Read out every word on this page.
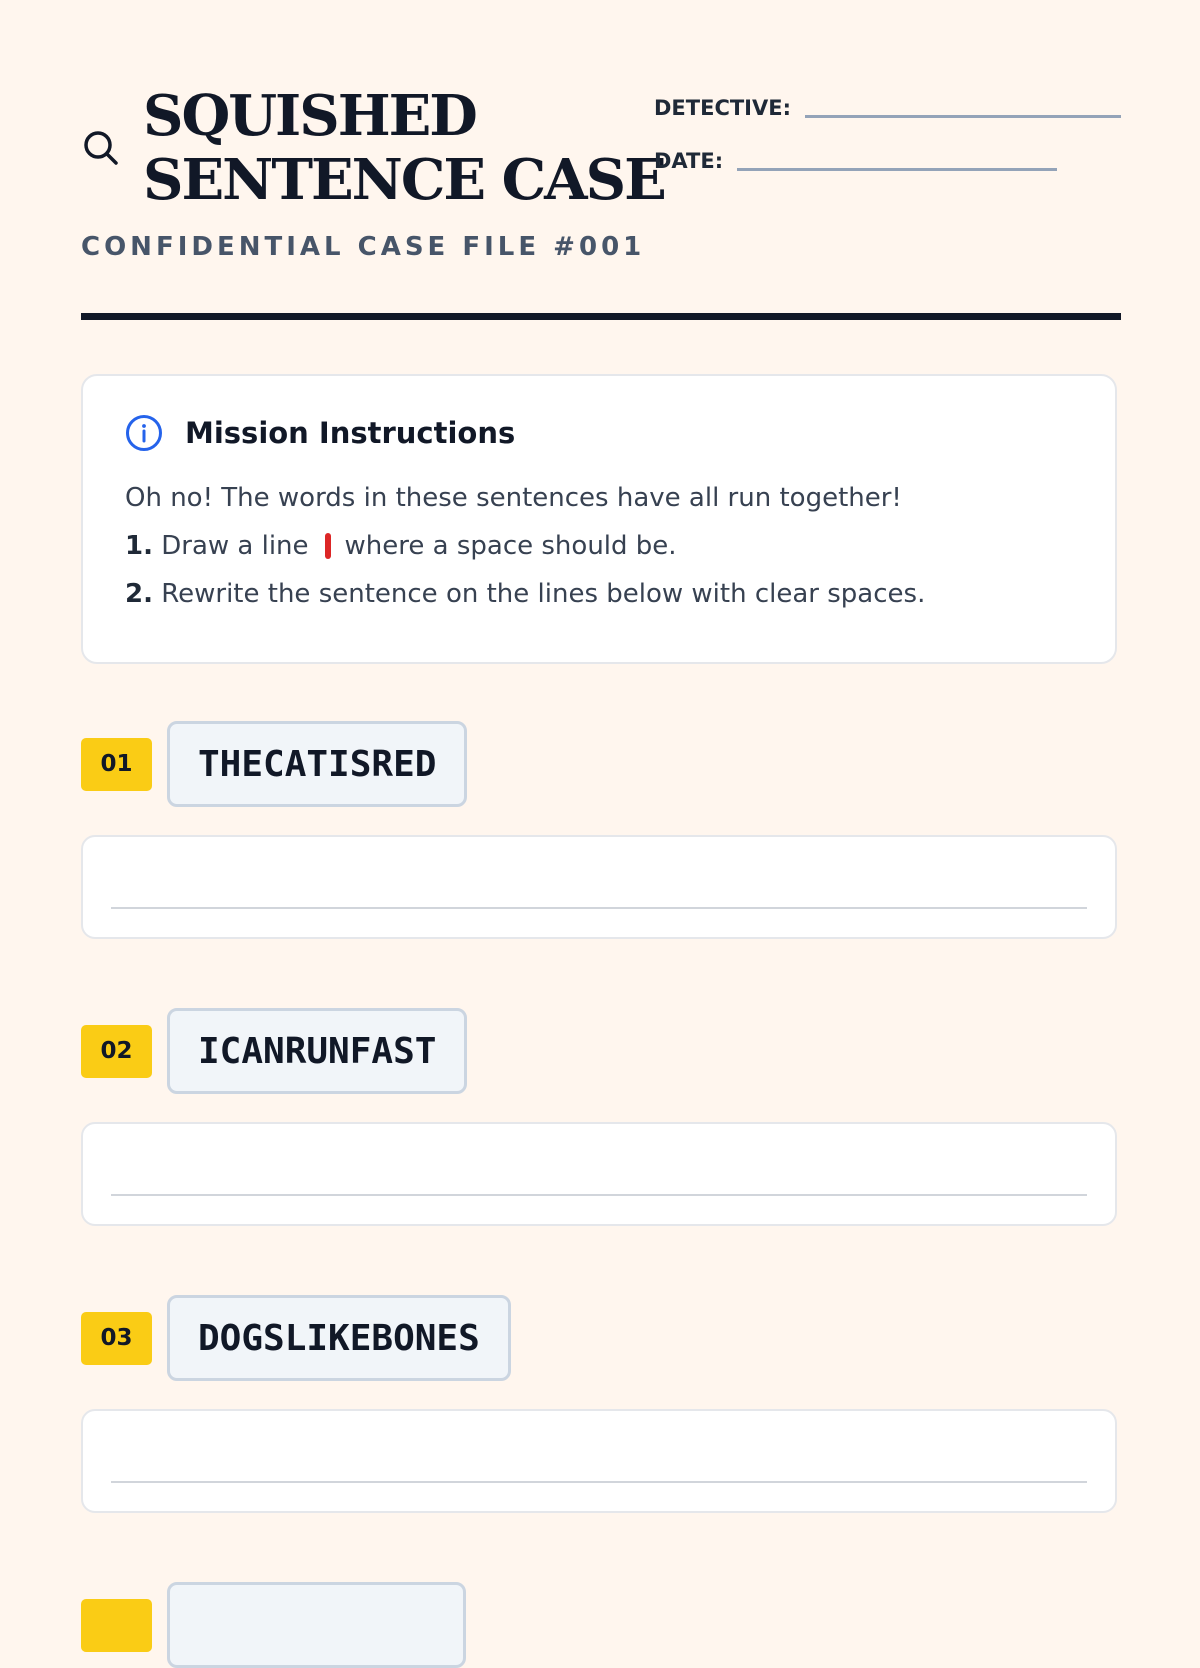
SQUISHED
SENTENCE CASE
CONFIDENTIAL CASE FILE #001
DETECTIVE:
DATE:
Mission Instructions
Oh no! The words in these sentences have all run together!
1. Draw a line where a space should be.
2. Rewrite the sentence on the lines below with clear spaces.
01	THECATISRED
02	ICANRUNFAST
03	DOGSLIKEBONES
